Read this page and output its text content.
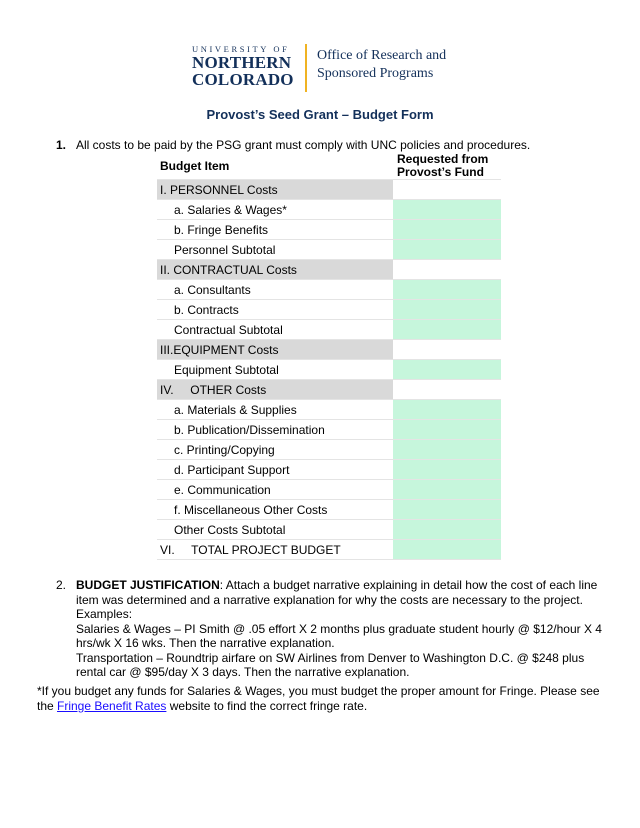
UNIVERSITY OF
NORTHERN
COLORADO
Office of Research and
Sponsored Programs
Provost’s Seed Grant – Budget Form
1. All costs to be paid by the PSG grant must comply with UNC policies and procedures.
Budget Item	Requested from
Provost’s Fund

I. PERSONNEL Costs	
a. Salaries & Wages*	
b. Fringe Benefits	
Personnel Subtotal	
II. CONTRACTUAL Costs	
a. Consultants	
b. Contracts	
Contractual Subtotal	
III.EQUIPMENT Costs	
Equipment Subtotal	
IV.     OTHER Costs	
a. Materials & Supplies	
b. Publication/Dissemination	
c. Printing/Copying	
d. Participant Support	
e. Communication	
f. Miscellaneous Other Costs	
Other Costs Subtotal	
VI.     TOTAL PROJECT BUDGET	
2. BUDGET JUSTIFICATION: Attach a budget narrative explaining in detail how the cost of each line item was determined and a narrative explanation for why the costs are necessary to the project.
Examples:
Salaries & Wages – PI Smith @ .05 effort X 2 months plus graduate student hourly @ $12/hour X 4 hrs/wk X 16 wks. Then the narrative explanation.
Transportation – Roundtrip airfare on SW Airlines from Denver to Washington D.C. @ $248 plus rental car @ $95/day X 3 days. Then the narrative explanation.
*If you budget any funds for Salaries & Wages, you must budget the proper amount for Fringe. Please see the Fringe Benefit Rates website to find the correct fringe rate.
